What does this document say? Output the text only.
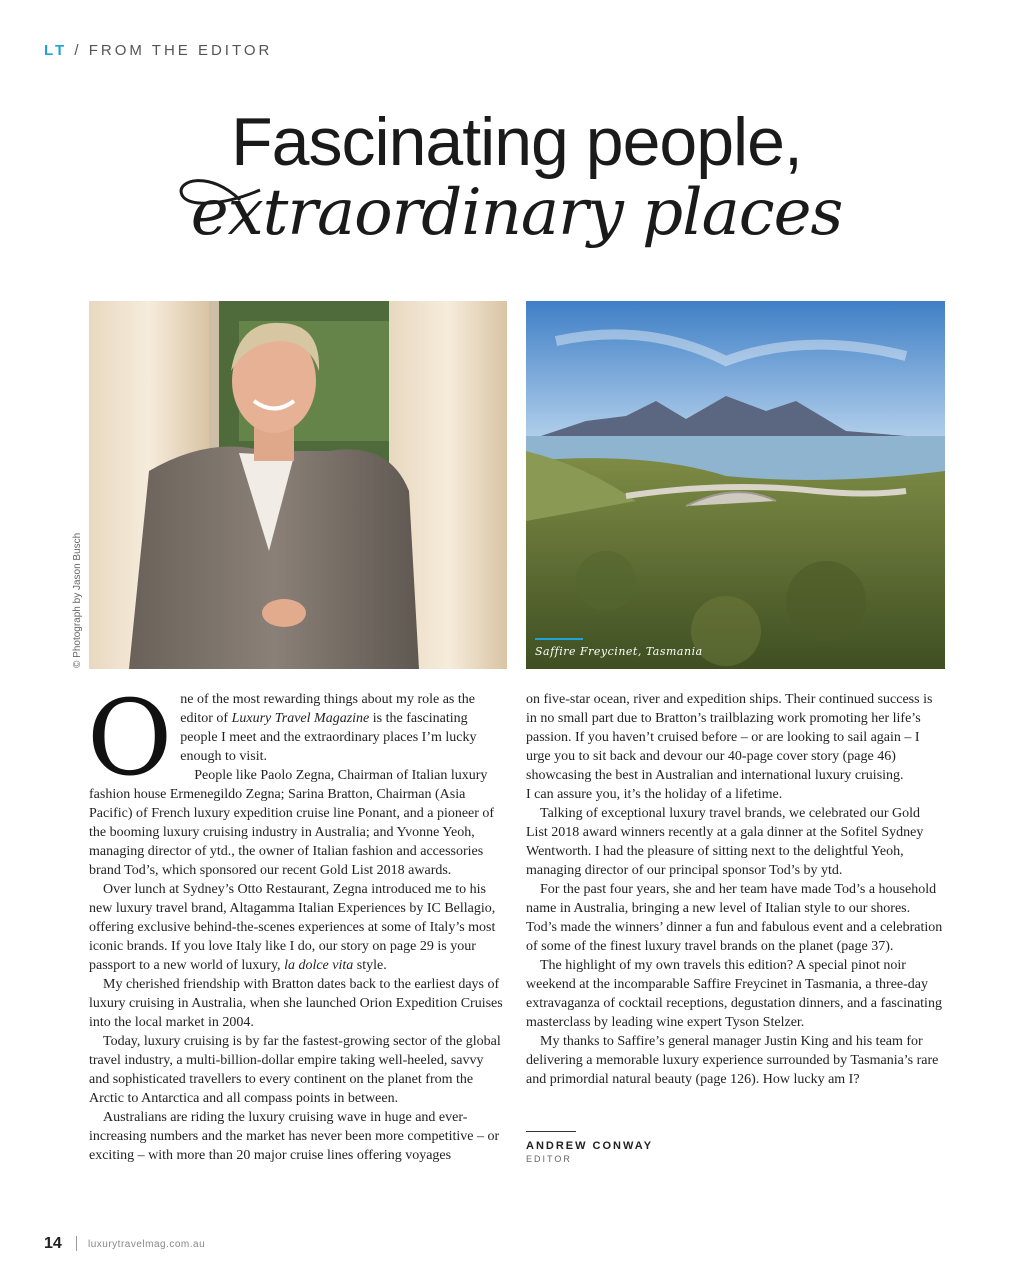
LT / FROM THE EDITOR
Fascinating people,
extraordinary places
© Photograph by Jason Busch	Saffire Freycinet, Tasmania
O ne of the most rewarding things about my role as the editor of Luxury Travel Magazine is the fascinating people I meet and the extraordinary places I’m lucky enough to visit.

People like Paolo Zegna, Chairman of Italian luxury fashion house Ermenegildo Zegna; Sarina Bratton, Chairman (Asia Pacific) of French luxury expedition cruise line Ponant, and a pioneer of the booming luxury cruising industry in Australia; and Yvonne Yeoh, managing director of ytd., the owner of Italian fashion and accessories brand Tod’s, which sponsored our recent Gold List 2018 awards.

Over lunch at Sydney’s Otto Restaurant, Zegna introduced me to his new luxury travel brand, Altagamma Italian Experiences by IC Bellagio, offering exclusive behind-the-scenes experiences at some of Italy’s most iconic brands. If you love Italy like I do, our story on page 29 is your passport to a new world of luxury, la dolce vita style.

My cherished friendship with Bratton dates back to the earliest days of luxury cruising in Australia, when she launched Orion Expedition Cruises into the local market in 2004.

Today, luxury cruising is by far the fastest-growing sector of the global travel industry, a multi-billion-dollar empire taking well-heeled, savvy and sophisticated travellers to every continent on the planet from the Arctic to Antarctica and all compass points in between.

Australians are riding the luxury cruising wave in huge and ever-increasing numbers and the market has never been more competitive – or exciting – with more than 20 major cruise lines offering voyages

on five-star ocean, river and expedition ships. Their continued success is in no small part due to Bratton’s trailblazing work promoting her life’s passion. If you haven’t cruised before – or are looking to sail again – I urge you to sit back and devour our 40-page cover story (page 46) showcasing the best in Australian and international luxury cruising.

I can assure you, it’s the holiday of a lifetime.

Talking of exceptional luxury travel brands, we celebrated our Gold List 2018 award winners recently at a gala dinner at the Sofitel Sydney Wentworth. I had the pleasure of sitting next to the delightful Yeoh, managing director of our principal sponsor Tod’s by ytd.

For the past four years, she and her team have made Tod’s a household name in Australia, bringing a new level of Italian style to our shores. Tod’s made the winners’ dinner a fun and fabulous event and a celebration of some of the finest luxury travel brands on the planet (page 37).

The highlight of my own travels this edition? A special pinot noir weekend at the incomparable Saffire Freycinet in Tasmania, a three-day extravaganza of cocktail receptions, degustation dinners, and a fascinating masterclass by leading wine expert Tyson Stelzer.

My thanks to Saffire’s general manager Justin King and his team for delivering a memorable luxury experience surrounded by Tasmania’s rare and primordial natural beauty (page 126). How lucky am I?

ANDREW CONWAY
EDITOR
14	luxurytravelmag.com.au
